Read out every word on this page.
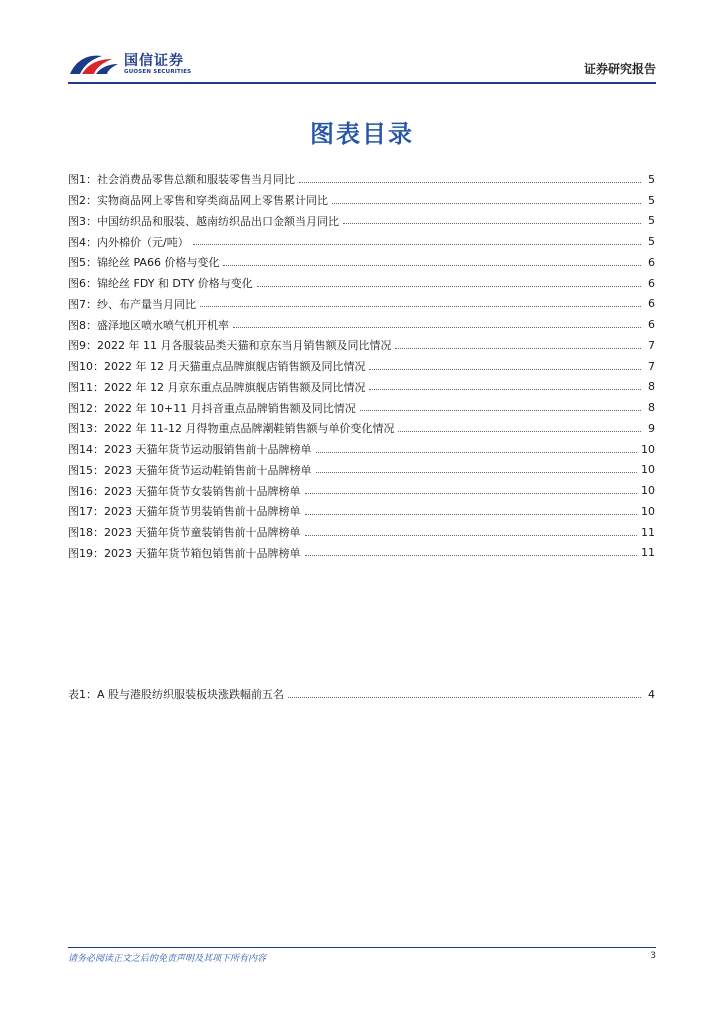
国信证券
GUOSEN SECURITIES	证券研究报告
图表目录
图1：社会消费品零售总额和服装零售当月同比	5
图2：实物商品网上零售和穿类商品网上零售累计同比	5
图3：中国纺织品和服装、越南纺织品出口金额当月同比	5
图4：内外棉价（元/吨）	5
图5：锦纶丝 PA66 价格与变化	6
图6：锦纶丝 FDY 和 DTY 价格与变化	6
图7：纱、布产量当月同比	6
图8：盛泽地区喷水喷气机开机率	6
图9：2022 年 11 月各服装品类天猫和京东当月销售额及同比情况	7
图10：2022 年 12 月天猫重点品牌旗舰店销售额及同比情况	7
图11：2022 年 12 月京东重点品牌旗舰店销售额及同比情况	8
图12：2022 年 10+11 月抖音重点品牌销售额及同比情况	8
图13：2022 年 11-12 月得物重点品牌潮鞋销售额与单价变化情况	9
图14：2023 天猫年货节运动服销售前十品牌榜单	10
图15：2023 天猫年货节运动鞋销售前十品牌榜单	10
图16：2023 天猫年货节女装销售前十品牌榜单	10
图17：2023 天猫年货节男装销售前十品牌榜单	10
图18：2023 天猫年货节童装销售前十品牌榜单	11
图19：2023 天猫年货节箱包销售前十品牌榜单	11
表1：A 股与港股纺织服装板块涨跌幅前五名	4
请务必阅读正文之后的免责声明及其项下所有内容	3
